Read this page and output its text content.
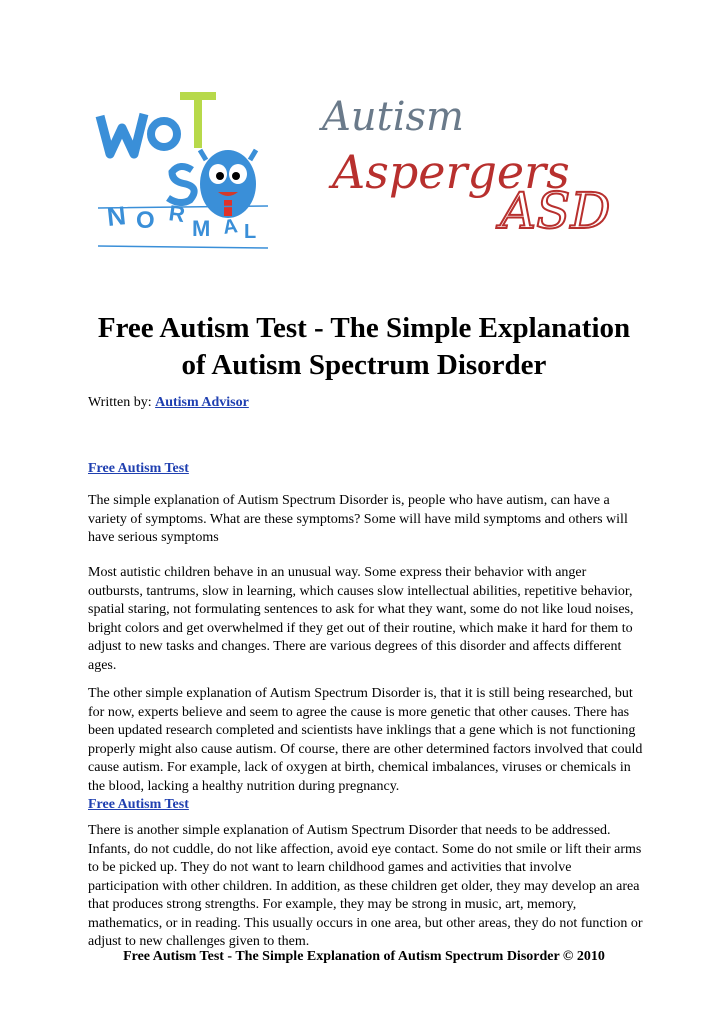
N O R
M A L
Autism
Aspergers
ASD
Free Autism Test - The Simple Explanation of Autism Spectrum Disorder
Written by: Autism Advisor
Free Autism Test

The simple explanation of Autism Spectrum Disorder is, people who have autism, can have a variety of symptoms. What are these symptoms? Some will have mild symptoms and others will have serious symptoms

Most autistic children behave in an unusual way. Some express their behavior with anger outbursts, tantrums, slow in learning, which causes slow intellectual abilities, repetitive behavior, spatial staring, not formulating sentences to ask for what they want, some do not like loud noises, bright colors and get overwhelmed if they get out of their routine, which make it hard for them to adjust to new tasks and changes. There are various degrees of this disorder and affects different ages.

The other simple explanation of Autism Spectrum Disorder is, that it is still being researched, but for now, experts believe and seem to agree the cause is more genetic that other causes. There has been updated research completed and scientists have inklings that a gene which is not functioning properly might also cause autism. Of course, there are other determined factors involved that could cause autism. For example, lack of oxygen at birth, chemical imbalances, viruses or chemicals in the blood, lacking a healthy nutrition during pregnancy.
Free Autism Test

There is another simple explanation of Autism Spectrum Disorder that needs to be addressed. Infants, do not cuddle, do not like affection, avoid eye contact. Some do not smile or lift their arms to be picked up. They do not want to learn childhood games and activities that involve participation with other children. In addition, as these children get older, they may develop an area that produces strong strengths. For example, they may be strong in music, art, memory, mathematics, or in reading. This usually occurs in one area, but other areas, they do not function or adjust to new challenges given to them.

Free Autism Test - The Simple Explanation of Autism Spectrum Disorder © 2010
